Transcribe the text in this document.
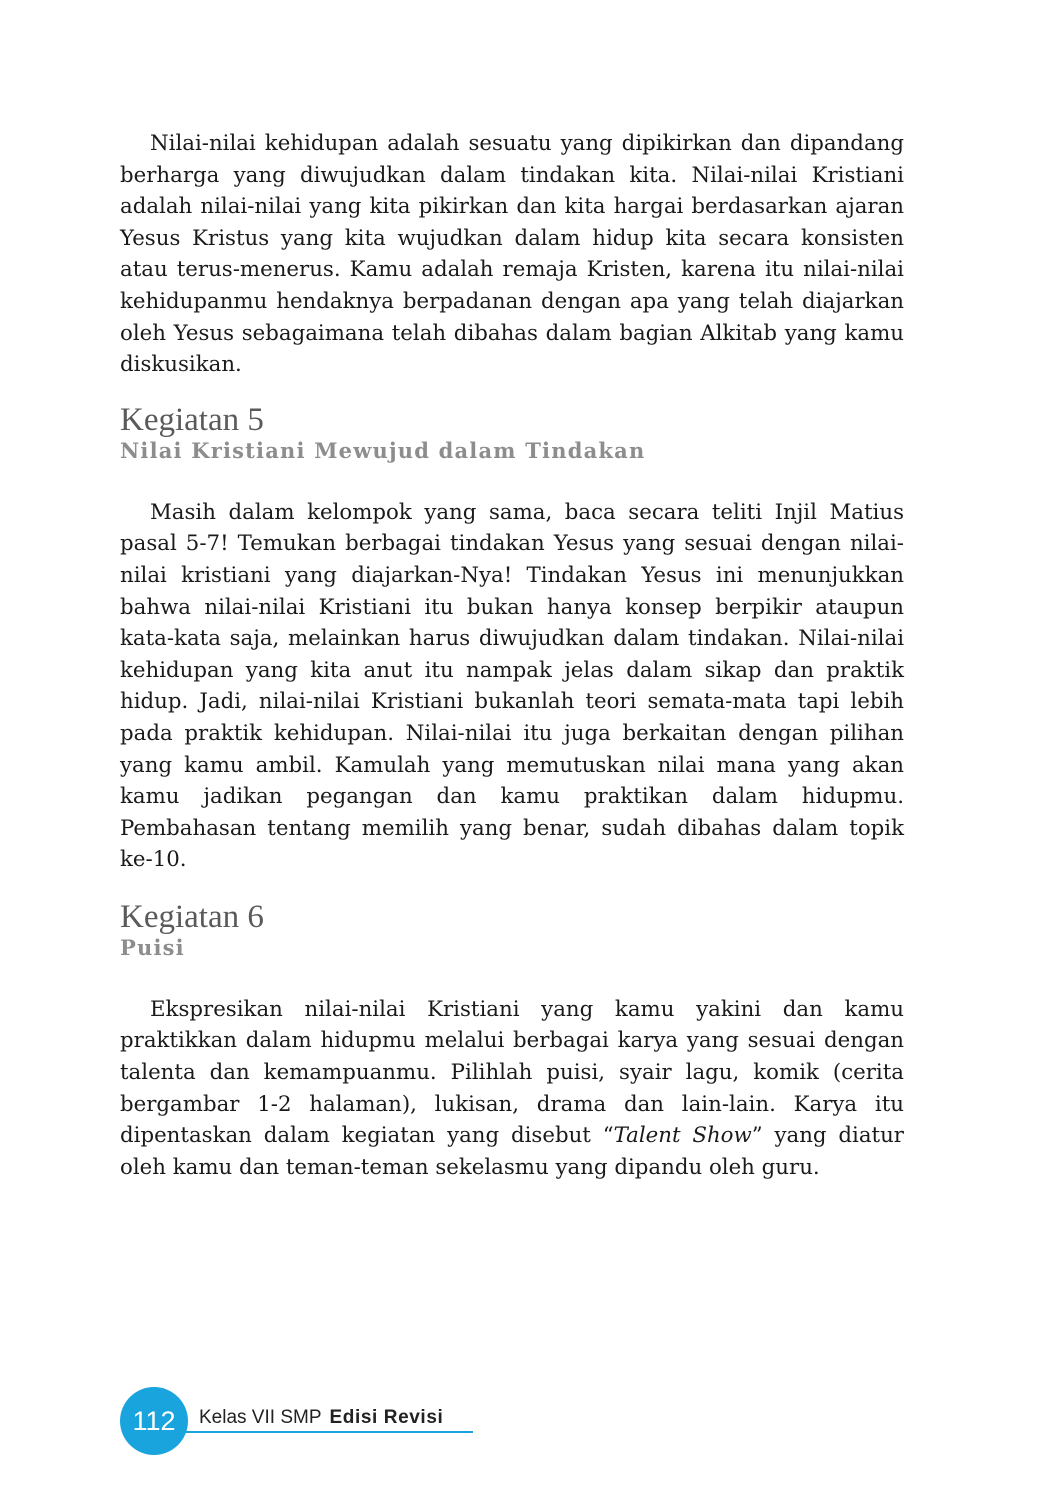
Nilai-nilai kehidupan adalah sesuatu yang dipikirkan dan dipandang berharga yang diwujudkan dalam tindakan kita. Nilai-nilai Kristiani adalah nilai-nilai yang kita pikirkan dan kita hargai berdasarkan ajaran Yesus Kristus yang kita wujudkan dalam hidup kita secara konsisten atau terus-menerus. Kamu adalah remaja Kristen, karena itu nilai-nilai kehidupanmu hendaknya berpadanan dengan apa yang telah diajarkan oleh Yesus sebagaimana telah dibahas dalam bagian Alkitab yang kamu diskusikan.

Kegiatan 5
Nilai Kristiani Mewujud dalam Tindakan

Masih dalam kelompok yang sama, baca secara teliti Injil Matius pasal 5-7! Temukan berbagai tindakan Yesus yang sesuai dengan nilai-nilai kristiani yang diajarkan-Nya! Tindakan Yesus ini menunjukkan bahwa nilai-nilai Kristiani itu bukan hanya konsep berpikir ataupun kata-kata saja, melainkan harus diwujudkan dalam tindakan. Nilai-nilai kehidupan yang kita anut itu nampak jelas dalam sikap dan praktik hidup. Jadi, nilai-nilai Kristiani bukanlah teori semata-mata tapi lebih pada praktik kehidupan. Nilai-nilai itu juga berkaitan dengan pilihan yang kamu ambil. Kamulah yang memutuskan nilai mana yang akan kamu jadikan pegangan dan kamu praktikan dalam hidupmu. Pembahasan tentang memilih yang benar, sudah dibahas dalam topik ke-10.

Kegiatan 6
Puisi

Ekspresikan nilai-nilai Kristiani yang kamu yakini dan kamu praktikkan dalam hidupmu melalui berbagai karya yang sesuai dengan talenta dan kemampuanmu. Pilihlah puisi, syair lagu, komik (cerita bergambar 1-2 halaman), lukisan, drama dan lain-lain. Karya itu dipentaskan dalam kegiatan yang disebut “Talent Show” yang diatur oleh kamu dan teman-teman sekelasmu yang dipandu oleh guru.

112 Kelas VII SMP Edisi Revisi
